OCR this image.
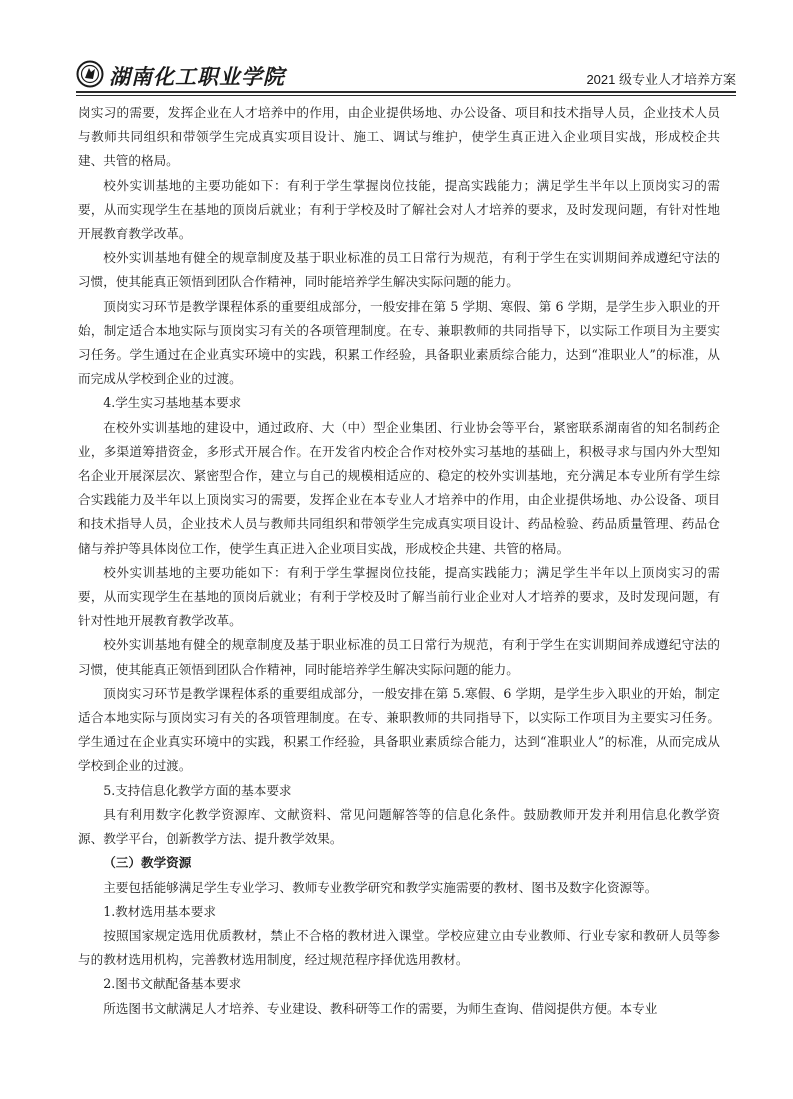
湖南化工职业学院	2021 级专业人才培养方案

岗实习的需要，发挥企业在人才培养中的作用，由企业提供场地、办公设备、项目和技术指导人员，企业技术人员与教师共同组织和带领学生完成真实项目设计、施工、调试与维护，使学生真正进入企业项目实战，形成校企共建、共管的格局。

校外实训基地的主要功能如下：有利于学生掌握岗位技能，提高实践能力；满足学生半年以上顶岗实习的需要，从而实现学生在基地的顶岗后就业；有利于学校及时了解社会对人才培养的要求，及时发现问题，有针对性地开展教育教学改革。

校外实训基地有健全的规章制度及基于职业标准的员工日常行为规范，有利于学生在实训期间养成遵纪守法的习惯，使其能真正领悟到团队合作精神，同时能培养学生解决实际问题的能力。

顶岗实习环节是教学课程体系的重要组成部分，一般安排在第 5 学期、寒假、第 6 学期，是学生步入职业的开始，制定适合本地实际与顶岗实习有关的各项管理制度。在专、兼职教师的共同指导下，以实际工作项目为主要实习任务。学生通过在企业真实环境中的实践，积累工作经验，具备职业素质综合能力，达到“准职业人”的标准，从而完成从学校到企业的过渡。

4.学生实习基地基本要求

在校外实训基地的建设中，通过政府、大（中）型企业集团、行业协会等平台，紧密联系湖南省的知名制药企业，多渠道筹措资金，多形式开展合作。在开发省内校企合作对校外实习基地的基础上，积极寻求与国内外大型知名企业开展深层次、紧密型合作，建立与自己的规模相适应的、稳定的校外实训基地，充分满足本专业所有学生综合实践能力及半年以上顶岗实习的需要，发挥企业在本专业人才培养中的作用，由企业提供场地、办公设备、项目和技术指导人员，企业技术人员与教师共同组织和带领学生完成真实项目设计、药品检验、药品质量管理、药品仓储与养护等具体岗位工作，使学生真正进入企业项目实战，形成校企共建、共管的格局。

校外实训基地的主要功能如下：有利于学生掌握岗位技能，提高实践能力；满足学生半年以上顶岗实习的需要，从而实现学生在基地的顶岗后就业；有利于学校及时了解当前行业企业对人才培养的要求，及时发现问题，有针对性地开展教育教学改革。

校外实训基地有健全的规章制度及基于职业标准的员工日常行为规范，有利于学生在实训期间养成遵纪守法的习惯，使其能真正领悟到团队合作精神，同时能培养学生解决实际问题的能力。

顶岗实习环节是教学课程体系的重要组成部分，一般安排在第 5.寒假、6 学期，是学生步入职业的开始，制定适合本地实际与顶岗实习有关的各项管理制度。在专、兼职教师的共同指导下，以实际工作项目为主要实习任务。学生通过在企业真实环境中的实践，积累工作经验，具备职业素质综合能力，达到“准职业人”的标准，从而完成从学校到企业的过渡。

5.支持信息化教学方面的基本要求

具有利用数字化教学资源库、文献资料、常见问题解答等的信息化条件。鼓励教师开发并利用信息化教学资源、教学平台，创新教学方法、提升教学效果。

（三）教学资源

主要包括能够满足学生专业学习、教师专业教学研究和教学实施需要的教材、图书及数字化资源等。

1.教材选用基本要求

按照国家规定选用优质教材，禁止不合格的教材进入课堂。学校应建立由专业教师、行业专家和教研人员等参与的教材选用机构，完善教材选用制度，经过规范程序择优选用教材。

2.图书文献配备基本要求

所选图书文献满足人才培养、专业建设、教科研等工作的需要，为师生查询、借阅提供方便。本专业
